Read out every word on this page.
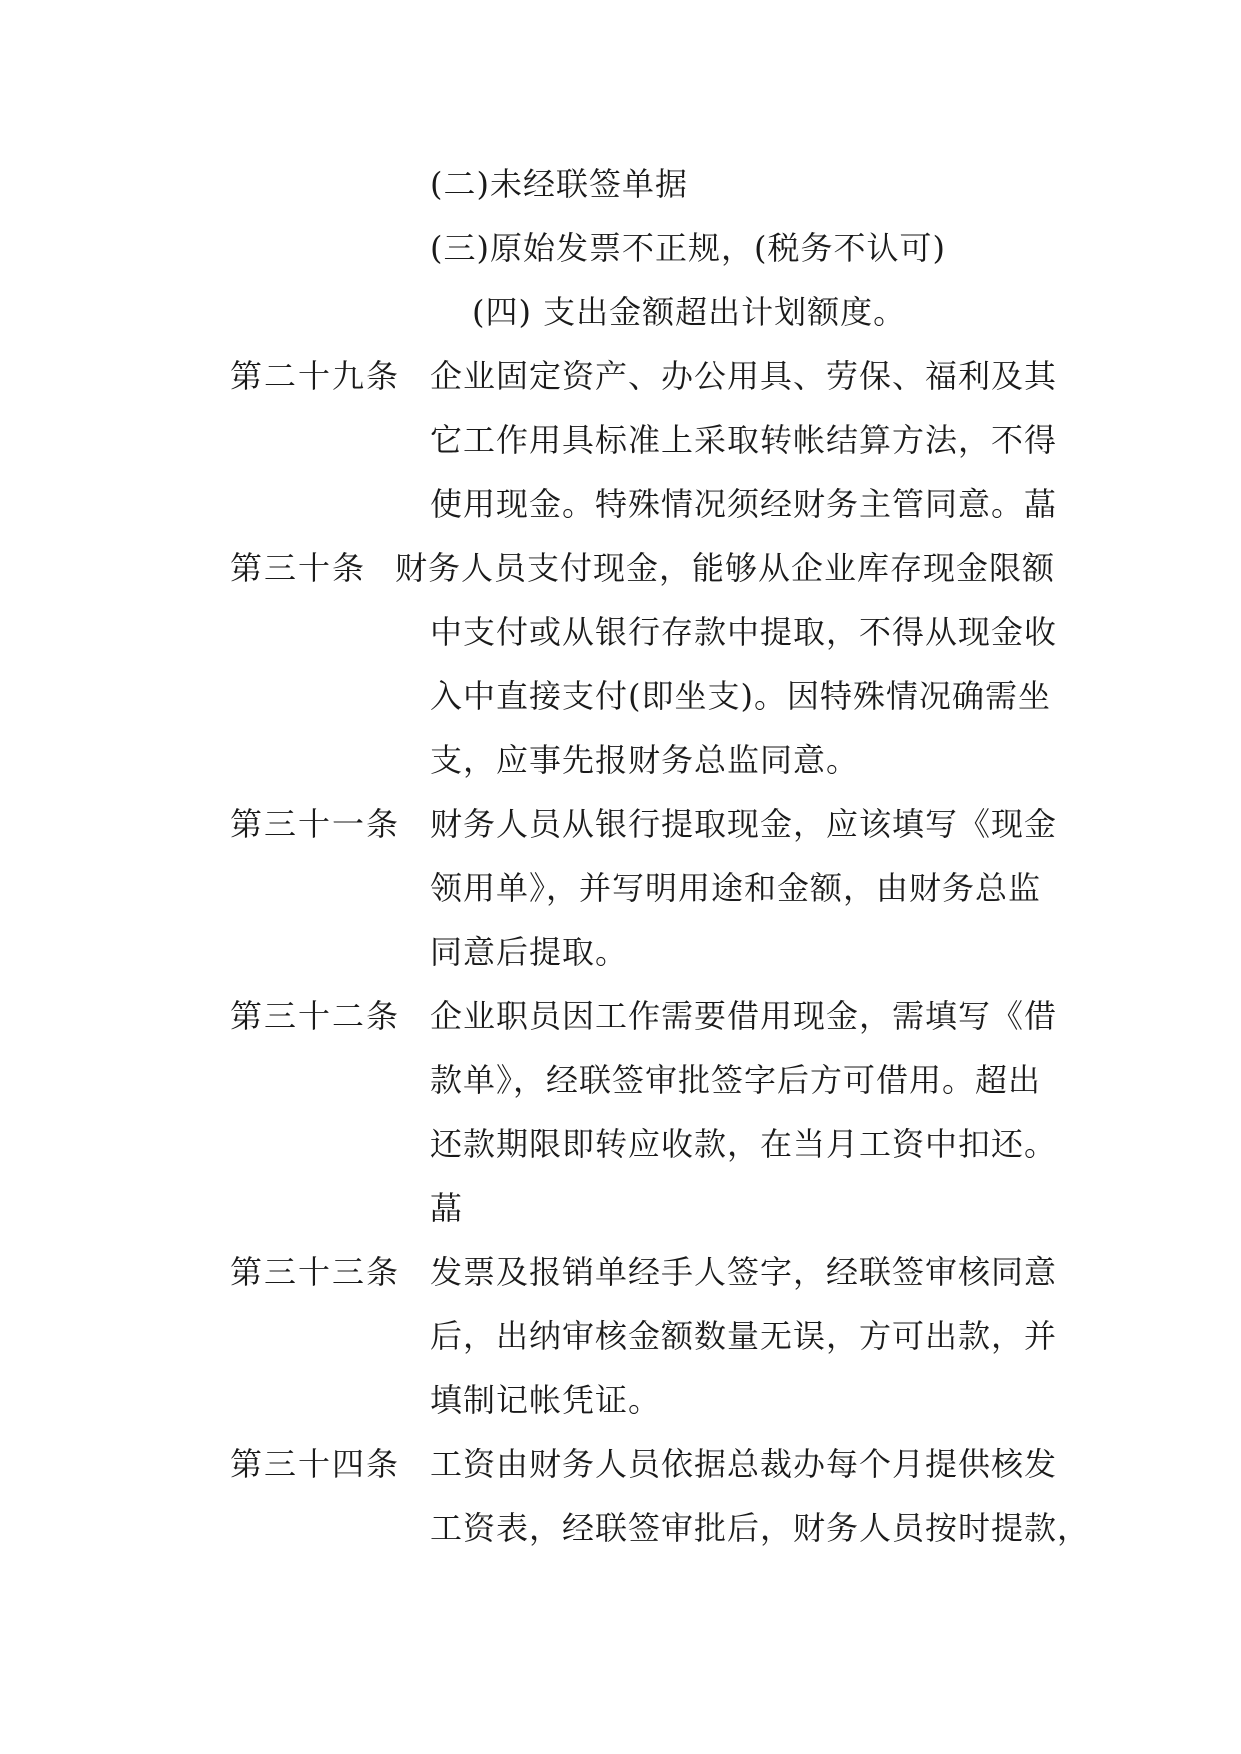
(二)未经联签单据
(三)原始发票不正规，(税务不认可)
(四) 支出金额超出计划额度。
第二十九条 企业固定资产、办公用具、劳保、福利及其
它工作用具标准上采取转帐结算方法，不得
使用现金。特殊情况须经财务主管同意。蕌
第三十条 财务人员支付现金，能够从企业库存现金限额
中支付或从银行存款中提取，不得从现金收
入中直接支付(即坐支)。因特殊情况确需坐
支，应事先报财务总监同意。
第三十一条 财务人员从银行提取现金，应该填写《现金
领用单》，并写明用途和金额，由财务总监
同意后提取。
第三十二条 企业职员因工作需要借用现金，需填写《借
款单》，经联签审批签字后方可借用。超出
还款期限即转应收款，在当月工资中扣还。
蕌
第三十三条 发票及报销单经手人签字，经联签审核同意
后，出纳审核金额数量无误，方可出款，并
填制记帐凭证。
第三十四条 工资由财务人员依据总裁办每个月提供核发
工资表，经联签审批后，财务人员按时提款，
